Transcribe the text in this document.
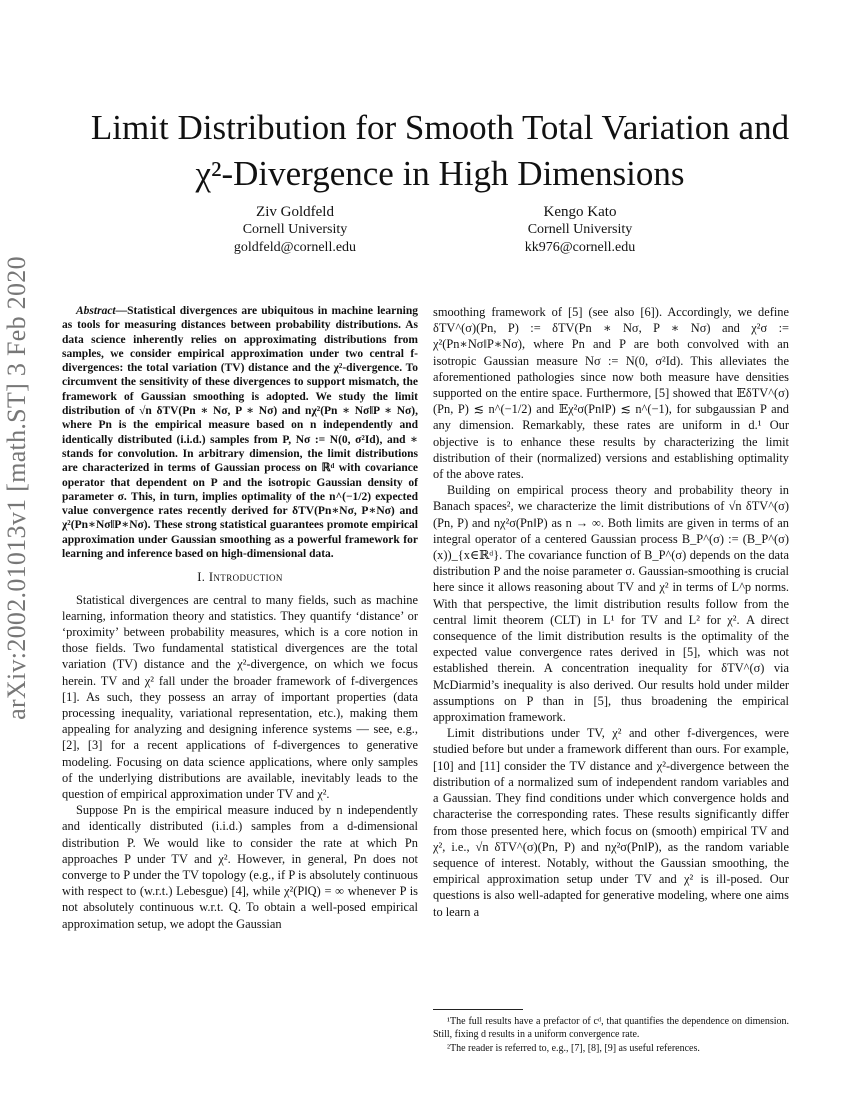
arXiv:2002.01013v1 [math.ST] 3 Feb 2020
Limit Distribution for Smooth Total Variation and
χ²-Divergence in High Dimensions
Ziv Goldfeld
Cornell University
goldfeld@cornell.edu
Kengo Kato
Cornell University
kk976@cornell.edu

Abstract—Statistical divergences are ubiquitous in machine learning as tools for measuring distances between probability distributions. As data science inherently relies on approximating distributions from samples, we consider empirical approximation under two central f-divergences: the total variation (TV) distance and the χ²-divergence. To circumvent the sensitivity of these divergences to support mismatch, the framework of Gaussian smoothing is adopted. We study the limit distribution of √n δTV(Pn ∗ Nσ, P ∗ Nσ) and nχ²(Pn ∗ Nσ‖P ∗ Nσ), where Pn is the empirical measure based on n independently and identically distributed (i.i.d.) samples from P, Nσ := N(0, σ²Id), and ∗ stands for convolution. In arbitrary dimension, the limit distributions are characterized in terms of Gaussian process on ℝᵈ with covariance operator that dependent on P and the isotropic Gaussian density of parameter σ. This, in turn, implies optimality of the n^(−1/2) expected value convergence rates recently derived for δTV(Pn∗Nσ, P∗Nσ) and χ²(Pn∗Nσ‖P∗Nσ). These strong statistical guarantees promote empirical approximation under Gaussian smoothing as a powerful framework for learning and inference based on high-dimensional data.

I. Introduction

Statistical divergences are central to many fields, such as machine learning, information theory and statistics. They quantify ‘distance’ or ‘proximity’ between probability measures, which is a core notion in those fields. Two fundamental statistical divergences are the total variation (TV) distance and the χ²-divergence, on which we focus herein. TV and χ² fall under the broader framework of f-divergences [1]. As such, they possess an array of important properties (data processing inequality, variational representation, etc.), making them appealing for analyzing and designing inference systems — see, e.g., [2], [3] for a recent applications of f-divergences to generative modeling. Focusing on data science applications, where only samples of the underlying distributions are available, inevitably leads to the question of empirical approximation under TV and χ².

Suppose Pn is the empirical measure induced by n independently and identically distributed (i.i.d.) samples from a d-dimensional distribution P. We would like to consider the rate at which Pn approaches P under TV and χ². However, in general, Pn does not converge to P under the TV topology (e.g., if P is absolutely continuous with respect to (w.r.t.) Lebesgue) [4], while χ²(P‖Q) = ∞ whenever P is not absolutely continuous w.r.t. Q. To obtain a well-posed empirical approximation setup, we adopt the Gaussian

smoothing framework of [5] (see also [6]). Accordingly, we define δTV^(σ)(Pn, P) := δTV(Pn ∗ Nσ, P ∗ Nσ) and χ²σ := χ²(Pn∗Nσ‖P∗Nσ), where Pn and P are both convolved with an isotropic Gaussian measure Nσ := N(0, σ²Id). This alleviates the aforementioned pathologies since now both measure have densities supported on the entire space. Furthermore, [5] showed that 𝔼δTV^(σ)(Pn, P) ≲ n^(−1/2) and 𝔼χ²σ(Pn‖P) ≲ n^(−1), for subgaussian P and any dimension. Remarkably, these rates are uniform in d.¹ Our objective is to enhance these results by characterizing the limit distribution of their (normalized) versions and establishing optimality of the above rates.

Building on empirical process theory and probability theory in Banach spaces², we characterize the limit distributions of √n δTV^(σ)(Pn, P) and nχ²σ(Pn‖P) as n → ∞. Both limits are given in terms of an integral operator of a centered Gaussian process B_P^(σ) := (B_P^(σ)(x))_{x∈ℝᵈ}. The covariance function of B_P^(σ) depends on the data distribution P and the noise parameter σ. Gaussian-smoothing is crucial here since it allows reasoning about TV and χ² in terms of L^p norms. With that perspective, the limit distribution results follow from the central limit theorem (CLT) in L¹ for TV and L² for χ². A direct consequence of the limit distribution results is the optimality of the expected value convergence rates derived in [5], which was not established therein. A concentration inequality for δTV^(σ) via McDiarmid’s inequality is also derived. Our results hold under milder assumptions on P than in [5], thus broadening the empirical approximation framework.

Limit distributions under TV, χ² and other f-divergences, were studied before but under a framework different than ours. For example, [10] and [11] consider the TV distance and χ²-divergence between the distribution of a normalized sum of independent random variables and a Gaussian. They find conditions under which convergence holds and characterise the corresponding rates. These results significantly differ from those presented here, which focus on (smooth) empirical TV and χ², i.e., √n δTV^(σ)(Pn, P) and nχ²σ(Pn‖P), as the random variable sequence of interest. Notably, without the Gaussian smoothing, the empirical approximation setup under TV and χ² is ill-posed. Our questions is also well-adapted for generative modeling, where one aims to learn a

¹The full results have a prefactor of cᵈ, that quantifies the dependence on dimension. Still, fixing d results in a uniform convergence rate.

²The reader is referred to, e.g., [7], [8], [9] as useful references.
